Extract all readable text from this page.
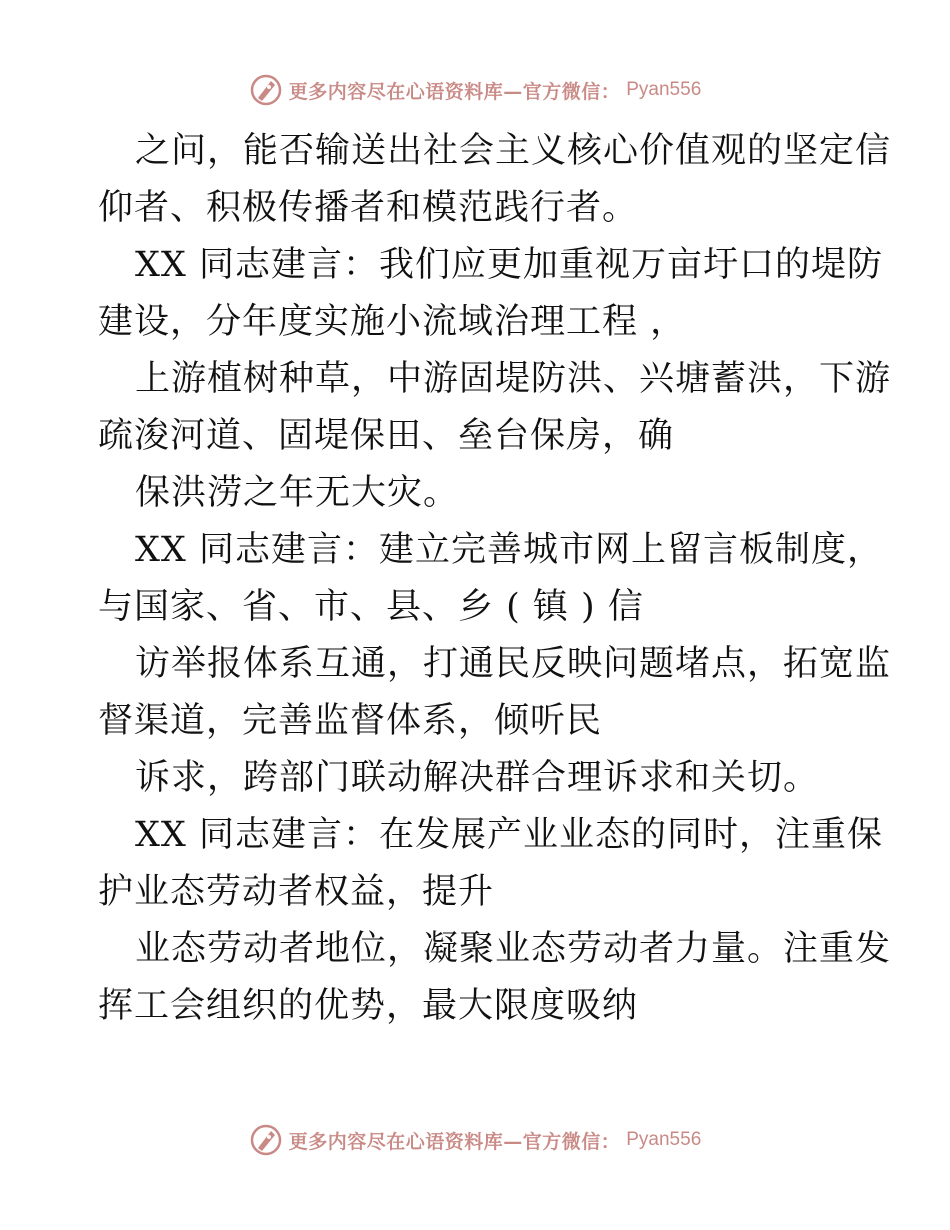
更多内容尽在心语资料库—官方微信： Pyan556
之问，能否输送出社会主义核心价值观的坚定信
仰者、积极传播者和模范践行者。
XX 同志建言：我们应更加重视万亩圩口的堤防
建设，分年度实施小流域治理工程 ，
上游植树种草，中游固堤防洪、兴塘蓄洪，下游
疏浚河道、固堤保田、垒台保房，确
保洪涝之年无大灾。
XX 同志建言：建立完善城市网上留言板制度，
与国家、省、市、县、乡 ( 镇 ) 信
访举报体系互通，打通民反映问题堵点，拓宽监
督渠道，完善监督体系，倾听民
诉求，跨部门联动解决群合理诉求和关切。
XX 同志建言：在发展产业业态的同时，注重保
护业态劳动者权益，提升
业态劳动者地位，凝聚业态劳动者力量。注重发
挥工会组织的优势，最大限度吸纳
更多内容尽在心语资料库—官方微信： Pyan556
